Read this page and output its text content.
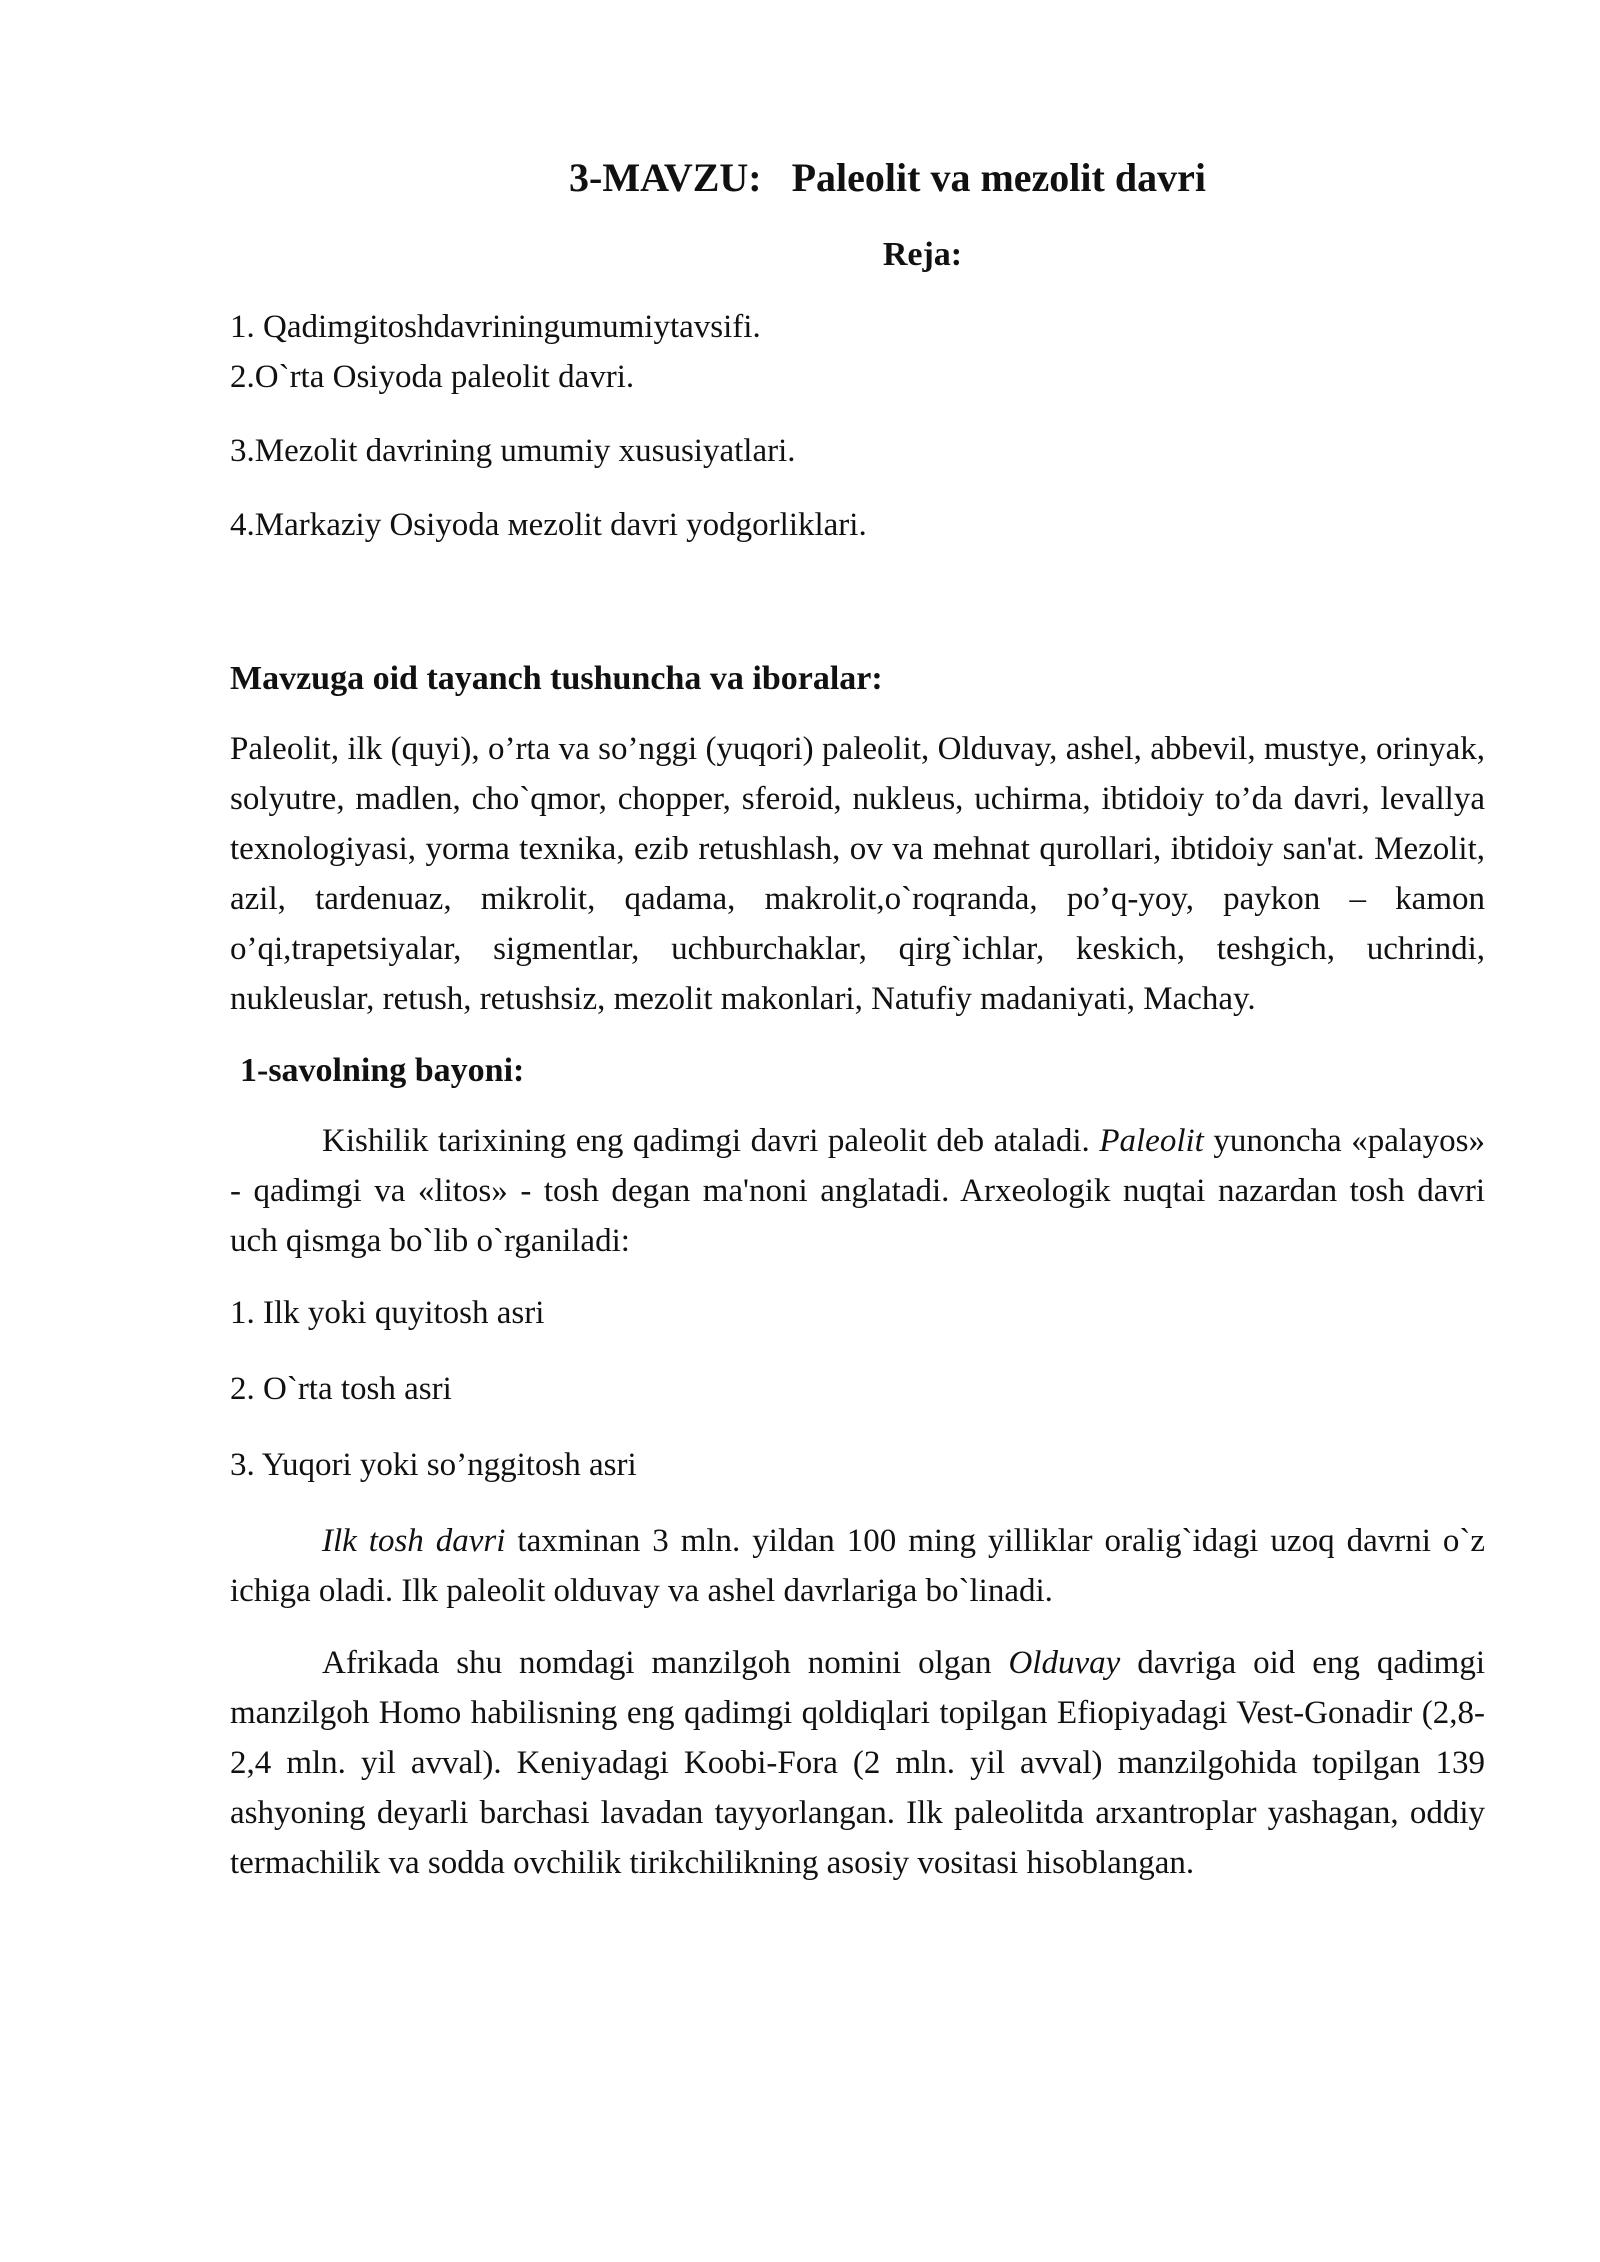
3-MAVZU:   Paleolit va mezolit davri
Reja:
1. Qadimgitoshdavriningumumiytavsifi.
2.O`rta Osiyoda paleolit davri.
3.Mezolit davrining umumiy xususiyatlari.
4.Markaziy Osiyoda мezolit davri yodgorliklari.
Mavzuga oid tayanch tushuncha va iboralar:

Paleolit, ilk (quyi), o’rta va so’nggi (yuqori) paleolit, Olduvay, ashel, abbevil, mustye, orinyak, solyutre, madlen, cho`qmor, chopper, sferoid, nukleus, uchirma, ibtidoiy to’da davri, levallya texnologiyasi, yorma texnika, ezib retushlash, ov va mehnat qurollari, ibtidoiy san'at. Mezolit, azil, tardenuaz, mikrolit, qadama, makrolit,o`roqranda, po’q-yoy, paykon – kamon o’qi,trapetsiyalar, sigmentlar, uchburchaklar, qirg`ichlar, keskich, teshgich, uchrindi, nukleuslar, retush, retushsiz, mezolit makonlari, Natufiy madaniyati, Machay.

1-savolning bayoni:

Kishilik tarixining eng qadimgi davri paleolit deb ataladi. Paleolit yunoncha «palayos» - qadimgi va «litos» - tosh degan ma'noni anglatadi. Arxeologik nuqtai nazardan tosh davri uch qismga bo`lib o`rganiladi:

1. Ilk yoki quyitosh asri
2. O`rta tosh asri
3. Yuqori yoki so’nggitosh asri

Ilk tosh davri taxminan 3 mln. yildan 100 ming yilliklar oralig`idagi uzoq davrni o`z ichiga oladi. Ilk paleolit olduvay va ashel davrlariga bo`linadi.

Afrikada shu nomdagi manzilgoh nomini olgan Olduvay davriga oid eng qadimgi manzilgoh Homo habilisning eng qadimgi qoldiqlari topilgan Efiopiyadagi Vest-Gonadir (2,8-2,4 mln. yil avval). Keniyadagi Koobi-Fora (2 mln. yil avval) manzilgohida topilgan 139 ashyoning deyarli barchasi lavadan tayyorlangan. Ilk paleolitda arxantroplar yashagan, oddiy termachilik va sodda ovchilik tirikchilikning asosiy vositasi hisoblangan.
